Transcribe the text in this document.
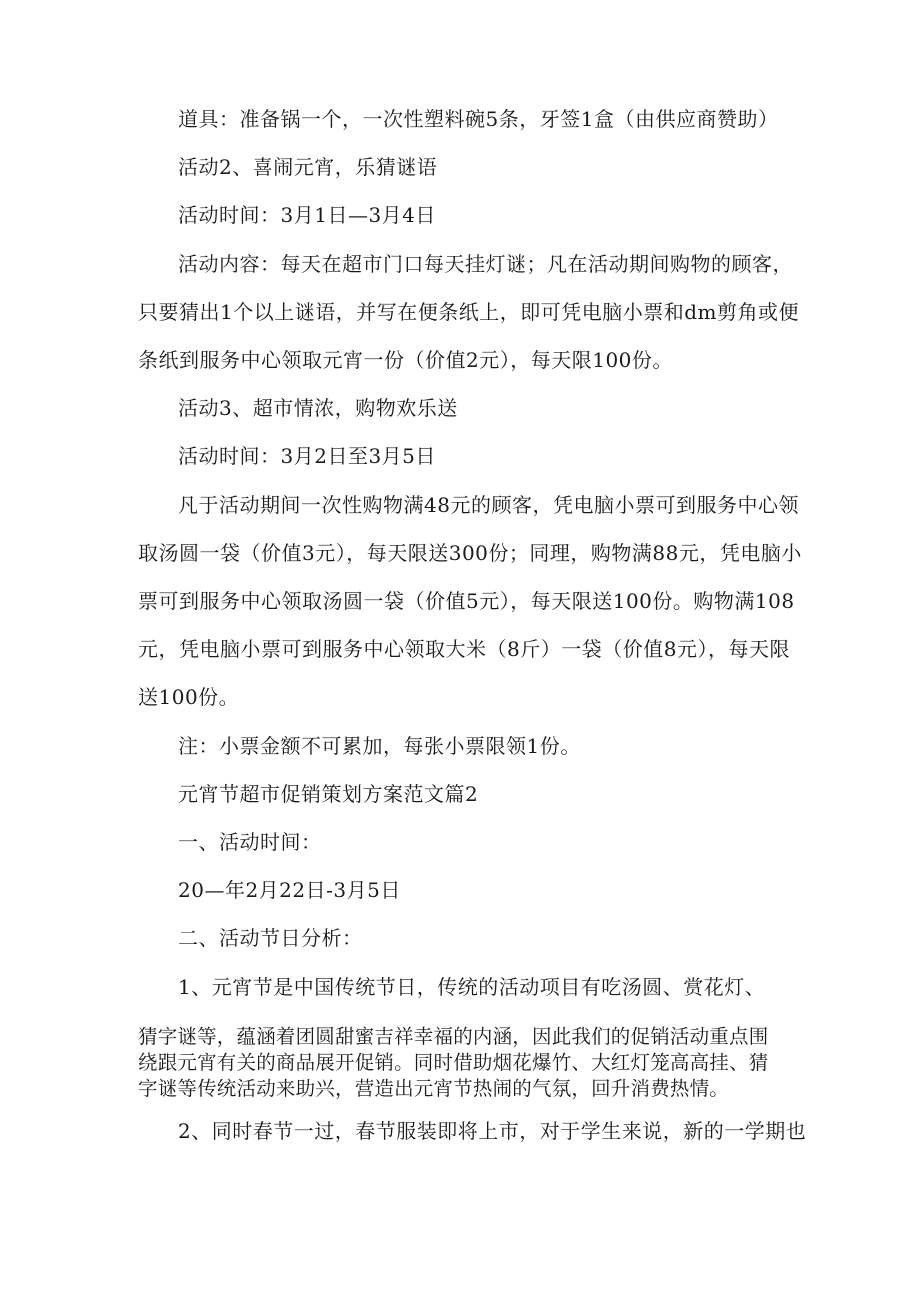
道具：准备锅一个，一次性塑料碗5条，牙签1盒（由供应商赞助）
活动2、喜闹元宵，乐猜谜语
活动时间：3月1日—3月4日
活动内容：每天在超市门口每天挂灯谜；凡在活动期间购物的顾客，
只要猜出1个以上谜语，并写在便条纸上，即可凭电脑小票和dm剪角或便
条纸到服务中心领取元宵一份（价值2元），每天限100份。
活动3、超市情浓，购物欢乐送
活动时间：3月2日至3月5日
凡于活动期间一次性购物满48元的顾客，凭电脑小票可到服务中心领
取汤圆一袋（价值3元），每天限送300份；同理，购物满88元，凭电脑小
票可到服务中心领取汤圆一袋（价值5元），每天限送100份。购物满108
元，凭电脑小票可到服务中心领取大米（8斤）一袋（价值8元），每天限
送100份。
注：小票金额不可累加，每张小票限领1份。
元宵节超市促销策划方案范文篇2
一、活动时间：
20—年2月22日-3月5日
二、活动节日分析：
1、元宵节是中国传统节日，传统的活动项目有吃汤圆、赏花灯、
猜字谜等，蕴涵着团圆甜蜜吉祥幸福的内涵，因此我们的促销活动重点围
绕跟元宵有关的商品展开促销。同时借助烟花爆竹、大红灯笼高高挂、猜
字谜等传统活动来助兴，营造出元宵节热闹的气氛，回升消费热情。
2、同时春节一过，春节服装即将上市，对于学生来说，新的一学期也
